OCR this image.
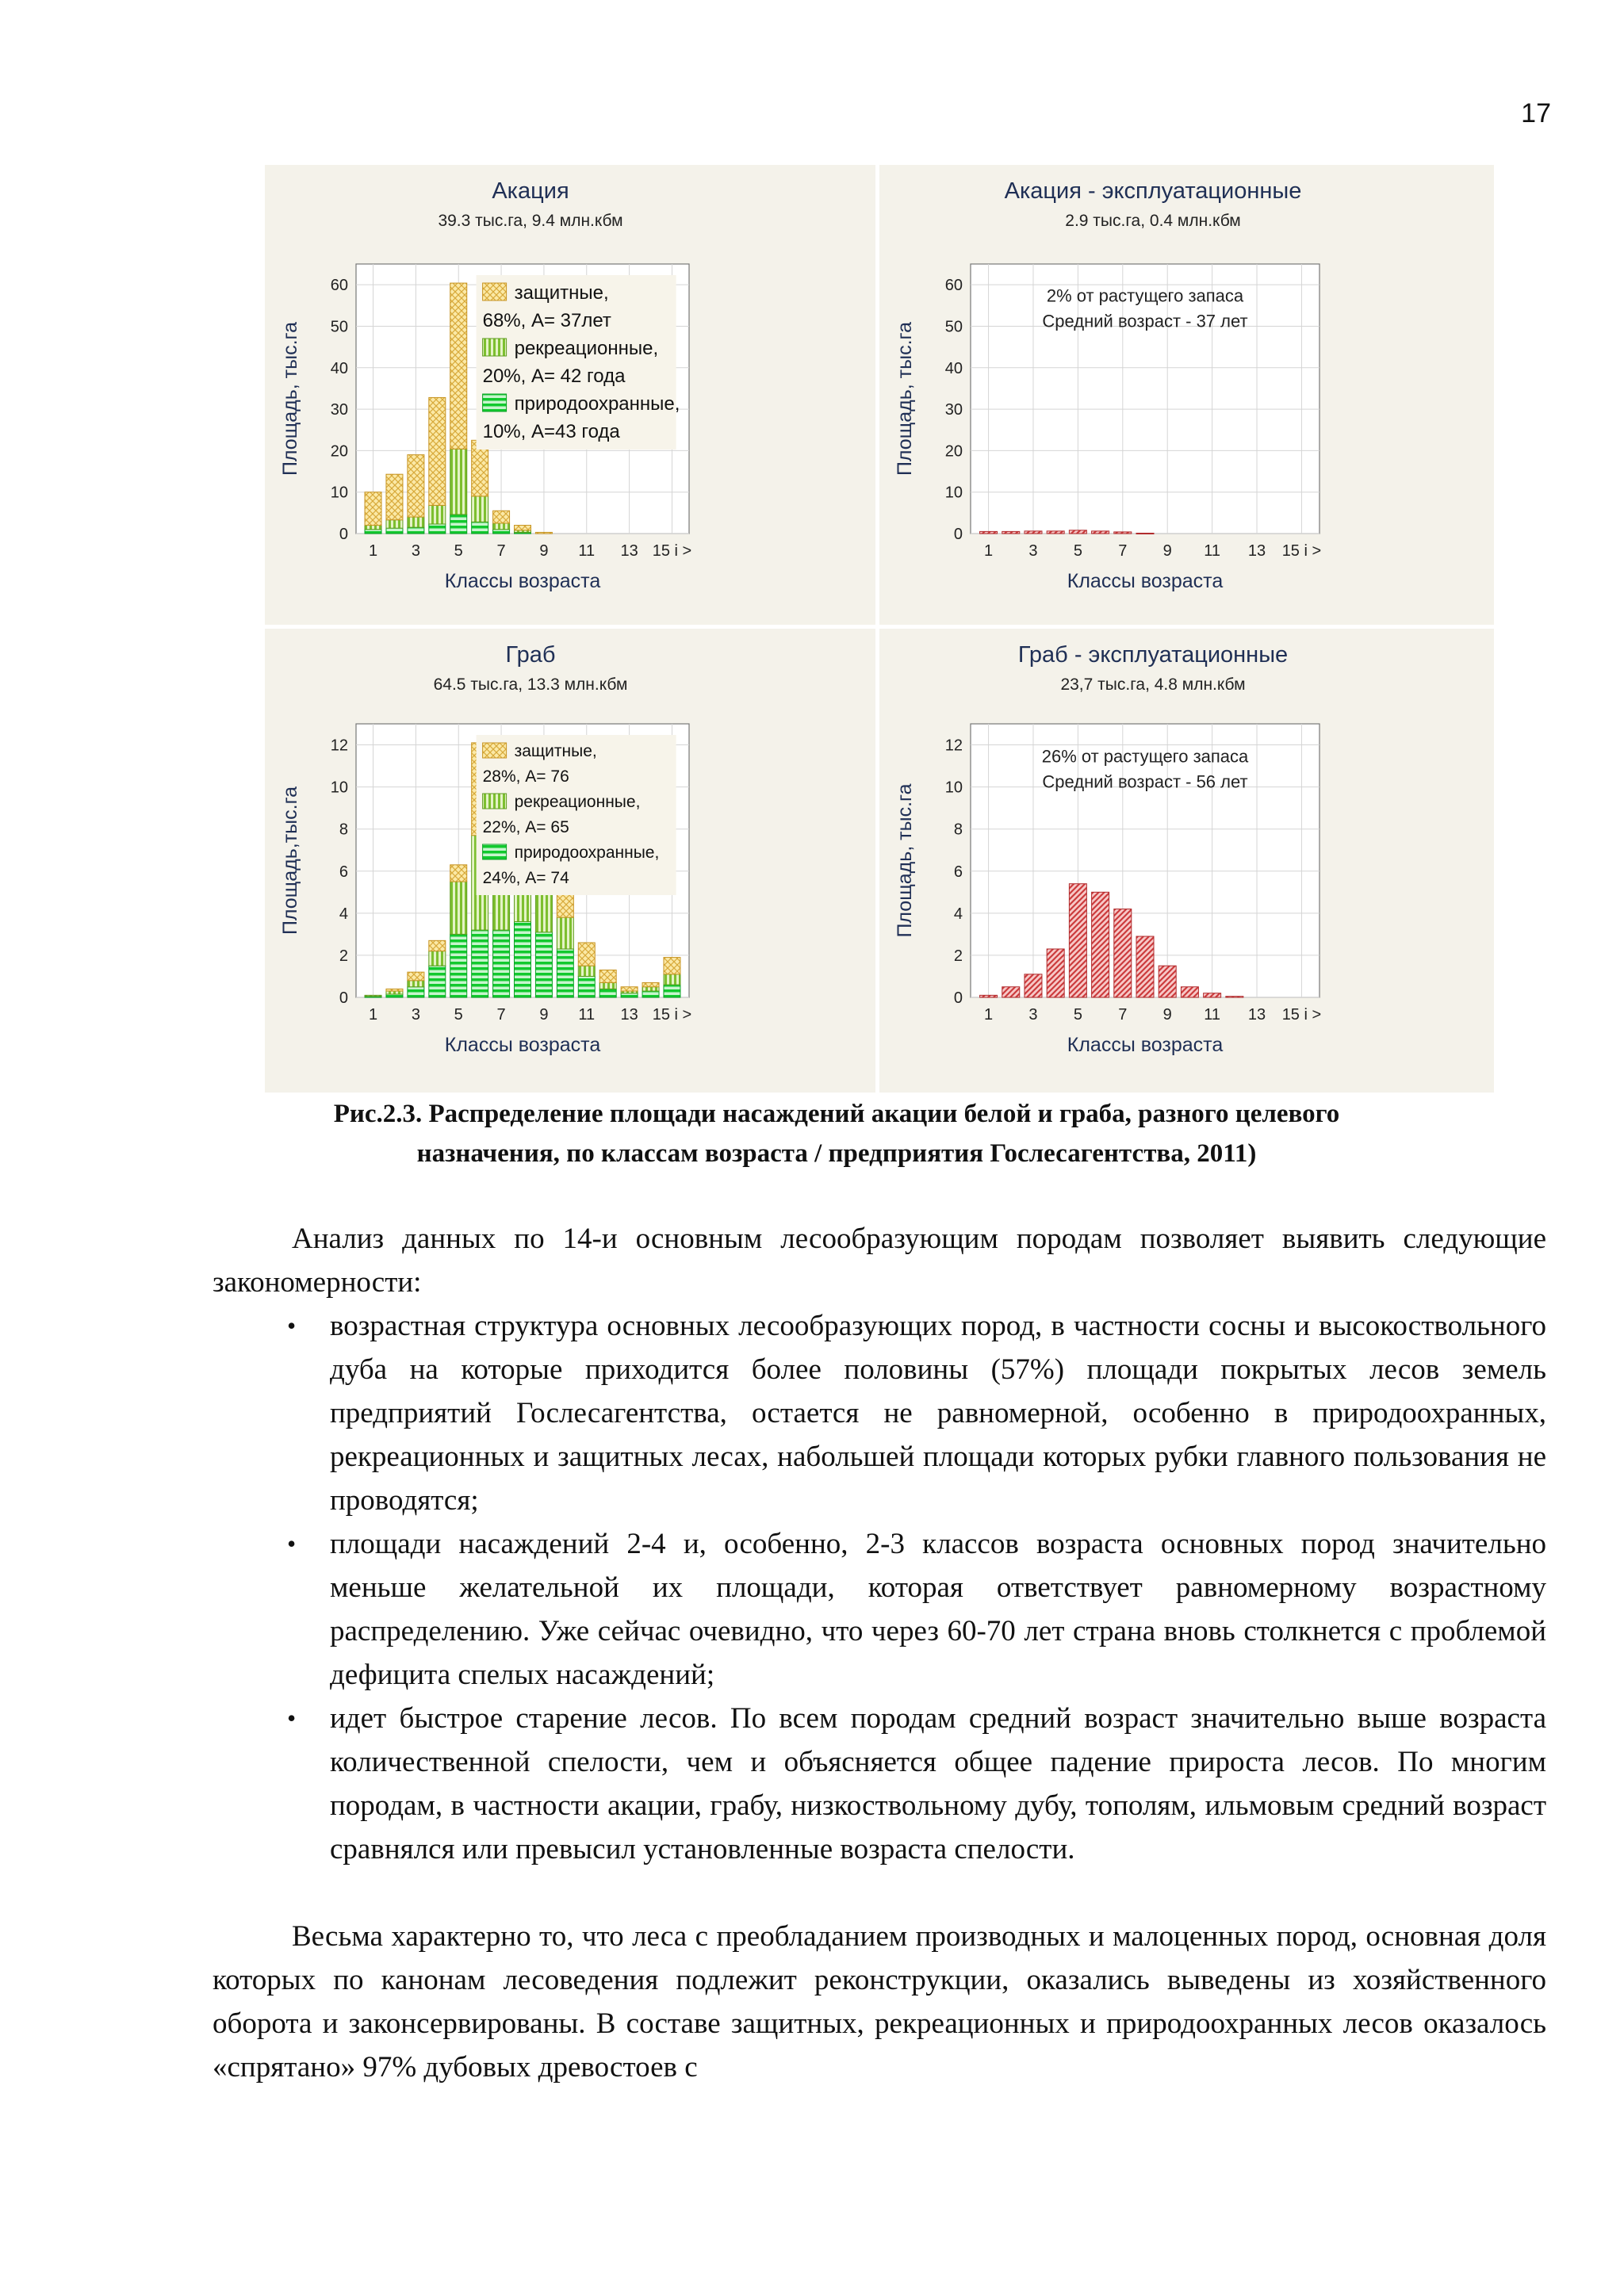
17
0
10
20
30
40
50
60
1 3 5 7 9 11 13 15 і >
Акация
39.3 тыс.га, 9.4 млн.кбм
Классы возраста
Площадь, тыс.га
защитные,
68%, А= 37лет
рекреационные,
20%, А= 42 года
природоохранные,
10%, А=43 года
0
10
20
30
40
50
60
1 3 5 7 9 11 13 15 і >
Акация - эксплуатационные
2.9 тыс.га, 0.4 млн.кбм
Классы возраста
Площадь, тыс.га
2% от растущего запаса
Средний возраст - 37 лет
0
2
4
6
8
10
12
1 3 5 7 9 11 13 15 і >
Граб
64.5 тыс.га, 13.3 млн.кбм
Классы возраста
Площадь,тыс.га
защитные,
28%, А= 76
рекреационные,
22%, А= 65
природоохранные,
24%, А= 74
0
2
4
6
8
10
12
1 3 5 7 9 11 13 15 і >
Граб - эксплуатационные
23,7 тыс.га, 4.8 млн.кбм
Классы возраста
Площадь, тыс.га
26% от растущего запаса
Средний возраст - 56 лет
Рис.2.3. Распределение площади насаждений акации белой и граба, разного целевого
назначения, по классам возраста / предприятия Гослесагентства, 2011)

Анализ данных по 14-и основным лесообразующим породам позволяет выявить следующие закономерности:

• возрастная структура основных лесообразующих пород, в частности сосны и высокоствольного дуба на которые приходится более половины (57%) площади покрытых лесов земель предприятий Гослесагентства, остается не равномерной, особенно в природоохранных, рекреационных и защитных лесах, набольшей площади которых рубки главного пользования не проводятся;
• площади насаждений 2-4 и, особенно, 2-3 классов возраста основных пород значительно меньше желательной их площади, которая ответствует равномерному возрастному распределению. Уже сейчас очевидно, что через 60-70 лет страна вновь столкнется с проблемой дефицита спелых насаждений;
• идет быстрое старение лесов. По всем породам средний возраст значительно выше возраста количественной спелости, чем и объясняется общее падение прироста лесов. По многим породам, в частности акации, грабу, низкоствольному дубу, тополям, ильмовым средний возраст сравнялся или превысил установленные возраста спелости.

Весьма характерно то, что леса с преобладанием производных и малоценных пород, основная доля которых по канонам лесоведения подлежит реконструкции, оказались выведены из хозяйственного оборота и законсервированы. В составе защитных, рекреационных и природоохранных лесов оказалось «спрятано» 97% дубовых древостоев с
